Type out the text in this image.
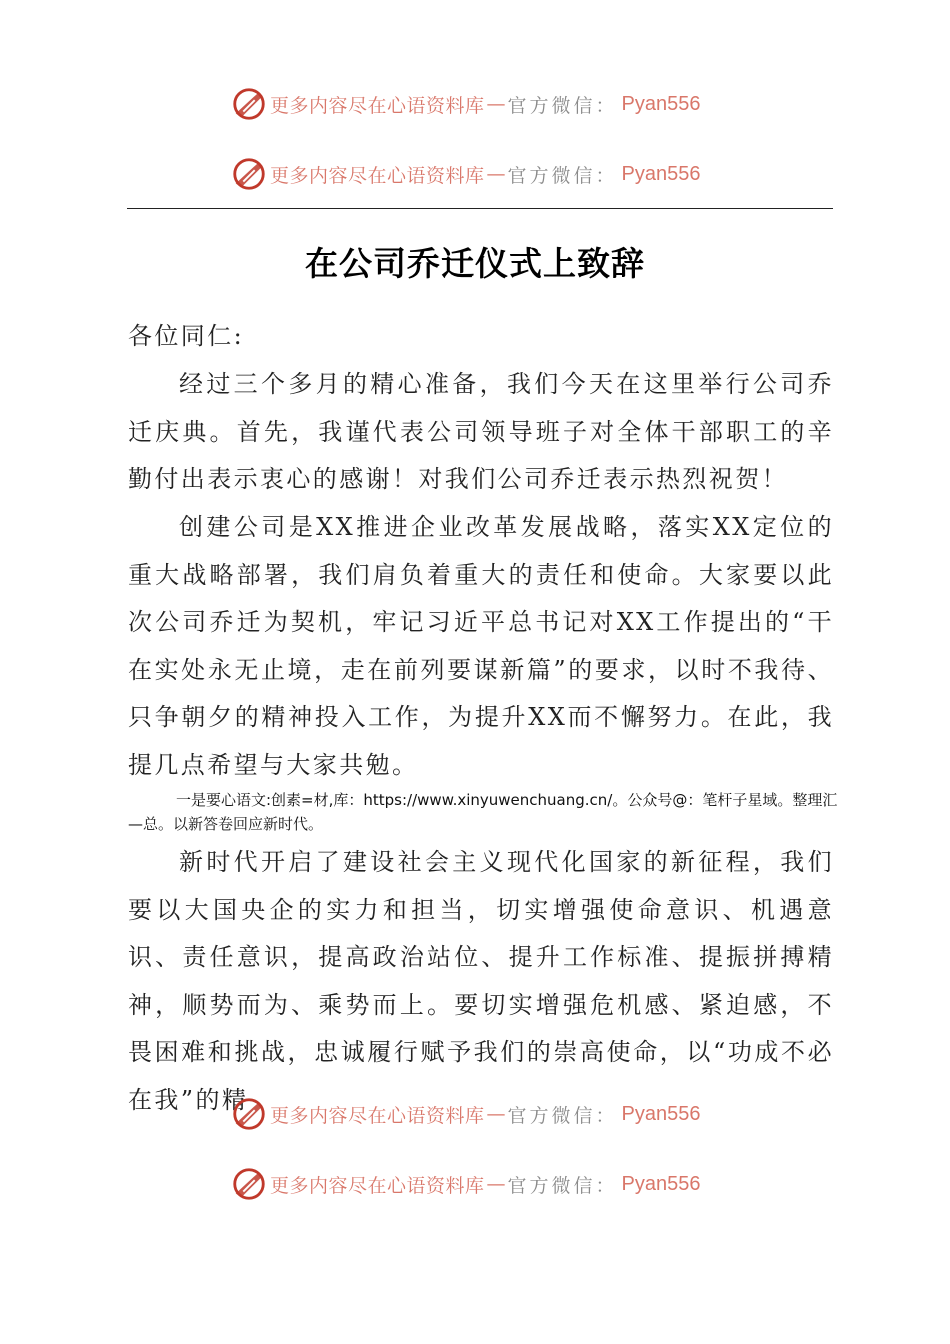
更多内容尽在心语资料库 — 官方微信： Pyan556
更多内容尽在心语资料库 — 官方微信： Pyan556
在公司乔迁仪式上致辞

各位同仁:

经过三个多月的精心准备，我们今天在这里举行公司乔迁庆典。首先，我谨代表公司领导班子对全体干部职工的辛勤付出表示衷心的感谢！对我们公司乔迁表示热烈祝贺！

创建公司是XX推进企业改革发展战略，落实XX定位的重大战略部署，我们肩负着重大的责任和使命。大家要以此次公司乔迁为契机，牢记习近平总书记对XX工作提出的“干在实处永无止境，走在前列要谋新篇”的要求，以时不我待、只争朝夕的精神投入工作，为提升XX而不懈努力。在此，我提几点希望与大家共勉。

一是要心语文:创素=材,库：https://www.xinyuwenchuang.cn/。公众号@：笔杆子星域。整理汇—总。以新答卷回应新时代。

新时代开启了建设社会主义现代化国家的新征程，我们要以大国央企的实力和担当，切实增强使命意识、机遇意识、责任意识，提高政治站位、提升工作标准、提振拼搏精神，顺势而为、乘势而上。要切实增强危机感、紧迫感，不畏困难和挑战，忠诚履行赋予我们的崇高使命，以“功成不必在我”的精

更多内容尽在心语资料库 — 官方微信： Pyan556
更多内容尽在心语资料库 — 官方微信： Pyan556
